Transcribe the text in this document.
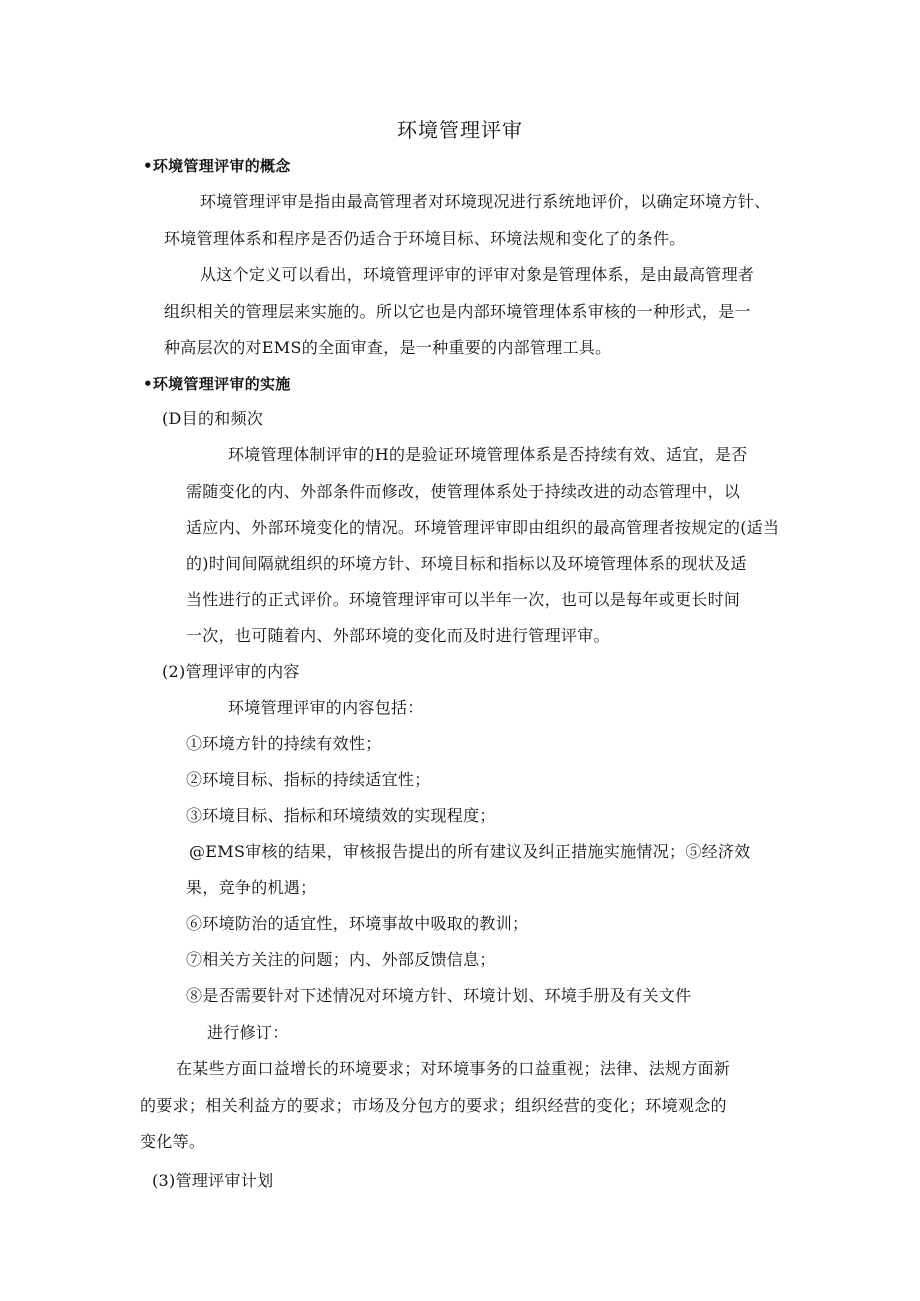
环境管理评审
•环境管理评审的概念
环境管理评审是指由最高管理者对环境现况进行系统地评价，以确定环境方针、
环境管理体系和程序是否仍适合于环境目标、环境法规和变化了的条件。
从这个定义可以看出，环境管理评审的评审对象是管理体系，是由最高管理者
组织相关的管理层来实施的。所以它也是内部环境管理体系审核的一种形式，是一
种高层次的对EMS的全面审查，是一种重要的内部管理工具。
•环境管理评审的实施
(D目的和频次
环境管理体制评审的H的是验证环境管理体系是否持续有效、适宜，是否
需随变化的内、外部条件而修改，使管理体系处于持续改进的动态管理中，以
适应内、外部环境变化的情况。环境管理评审即由组织的最高管理者按规定的(适当
的)时间间隔就组织的环境方针、环境目标和指标以及环境管理体系的现状及适
当性进行的正式评价。环境管理评审可以半年一次，也可以是每年或更长时间
一次，也可随着内、外部环境的变化而及时进行管理评审。
(2)管理评审的内容
环境管理评审的内容包括：
①环境方针的持续有效性；
②环境目标、指标的持续适宜性；
③环境目标、指标和环境绩效的实现程度；
@EMS审核的结果，审核报告提出的所有建议及纠正措施实施情况；⑤经济效
果，竞争的机遇；
⑥环境防治的适宜性，环境事故中吸取的教训；
⑦相关方关注的问题；内、外部反馈信息；
⑧是否需要针对下述情况对环境方针、环境计划、环境手册及有关文件
进行修订：
在某些方面口益增长的环境要求；对环境事务的口益重视；法律、法规方面新
的要求；相关利益方的要求；市场及分包方的要求；组织经营的变化；环境观念的
变化等。
(3)管理评审计划
